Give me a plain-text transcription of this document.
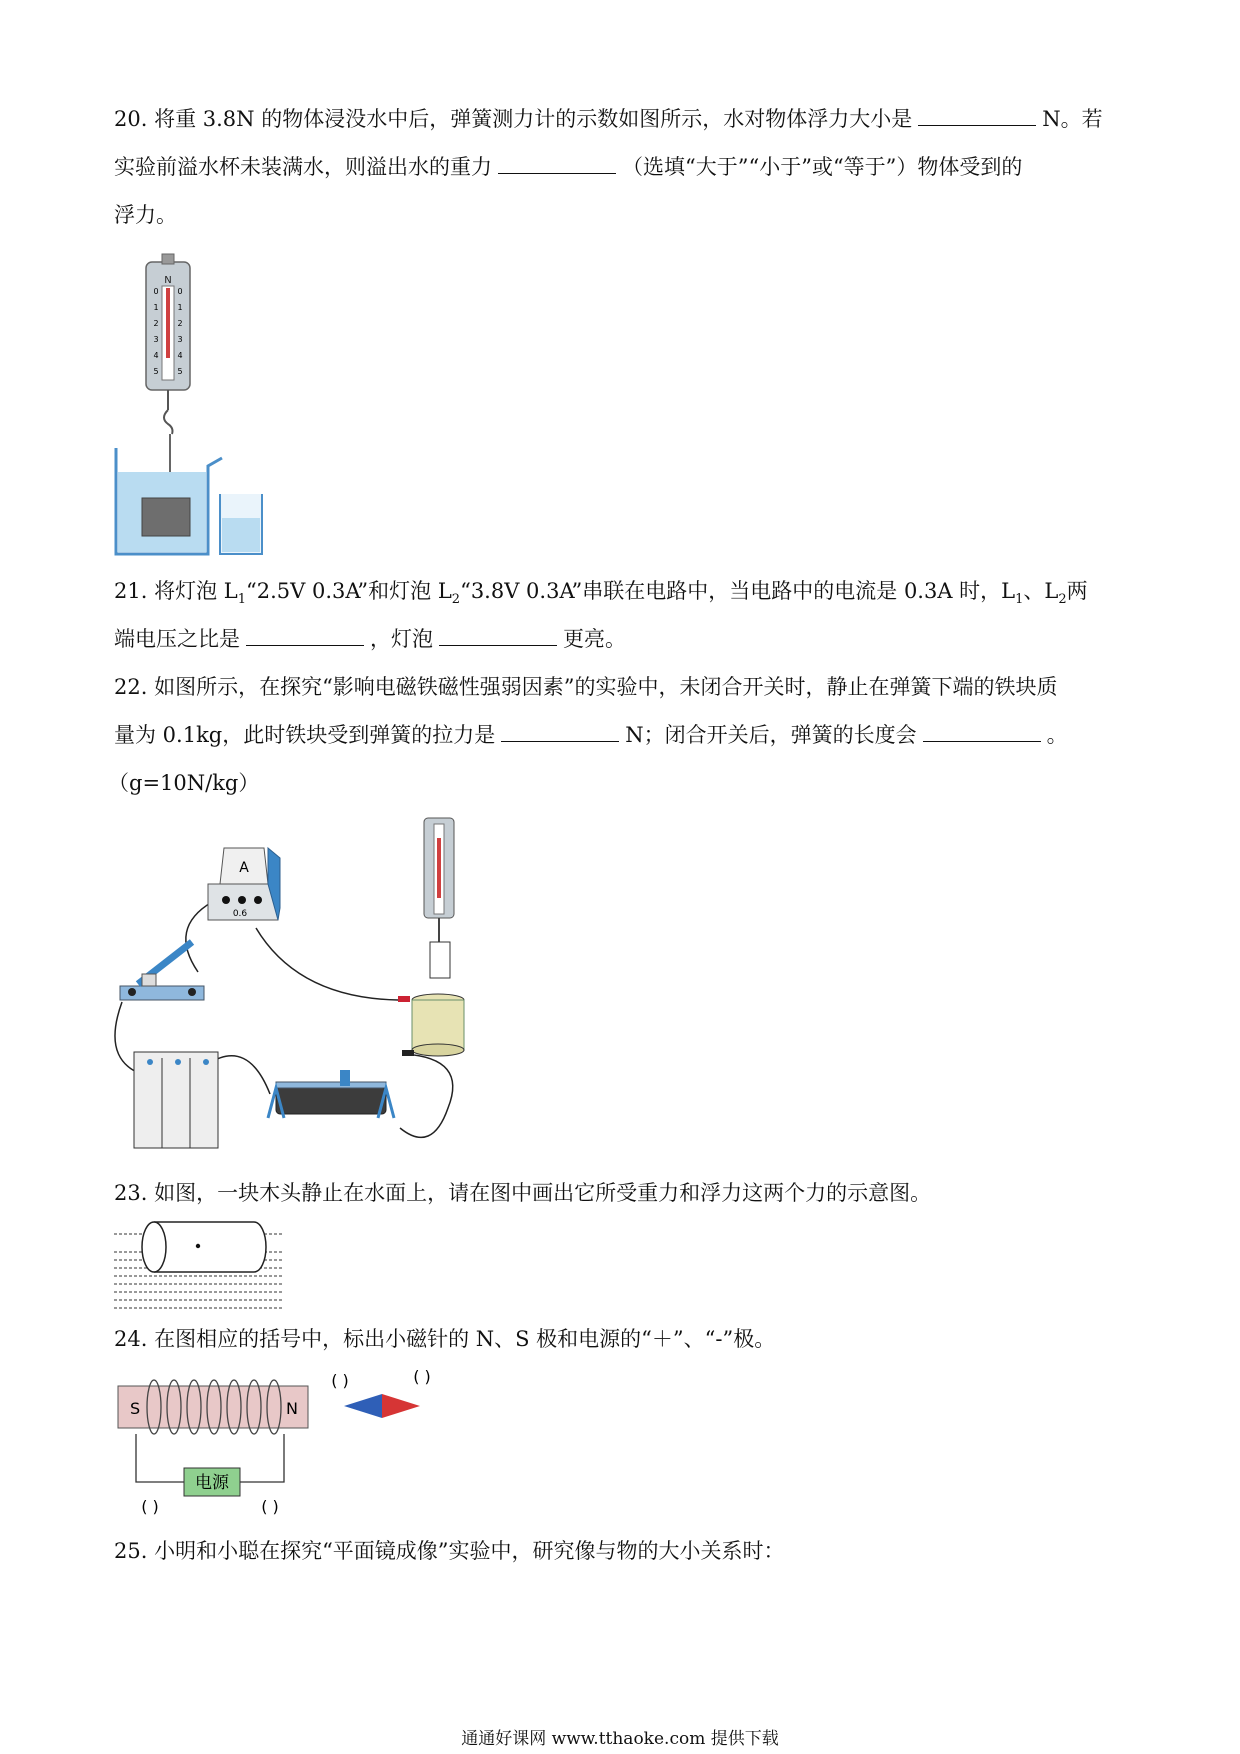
20. 将重 3.8N 的物体浸没水中后，弹簧测力计的示数如图所示，水对物体浮力大小是	N。若
实验前溢水杯未装满水，则溢出水的重力	（选填“大于”“小于”或“等于”）物体受到的
浮力。
N
0 0
1 1
2 2
3 3
4 4
5 5
21. 将灯泡 $L_1“2.5V$ 0.3A”和灯泡 $L_2“3.8V$ 0.3A”串联在电路中，当电路中的电流是 0.3A 时，$L_1$、$L_2$两
端电压之比是	，灯泡	更亮。
22. 如图所示，在探究“影响电磁铁磁性强弱因素”的实验中，未闭合开关时，静止在弹簧下端的铁块质
量为 0.1kg，此时铁块受到弹簧的拉力是	N；闭合开关后，弹簧的长度会	。
（g=10N/kg）
A
0.6
23. 如图，一块木头静止在水面上，请在图中画出它所受重力和浮力这两个力的示意图。
24. 在图相应的括号中，标出小磁针的 N、S 极和电源的“＋”、“-”极。
S	N
电源
( )	( )
( )	( )
25. 小明和小聪在探究“平面镜成像”实验中，研究像与物的大小关系时：
通通好课网 www.tthaoke.com 提供下载
